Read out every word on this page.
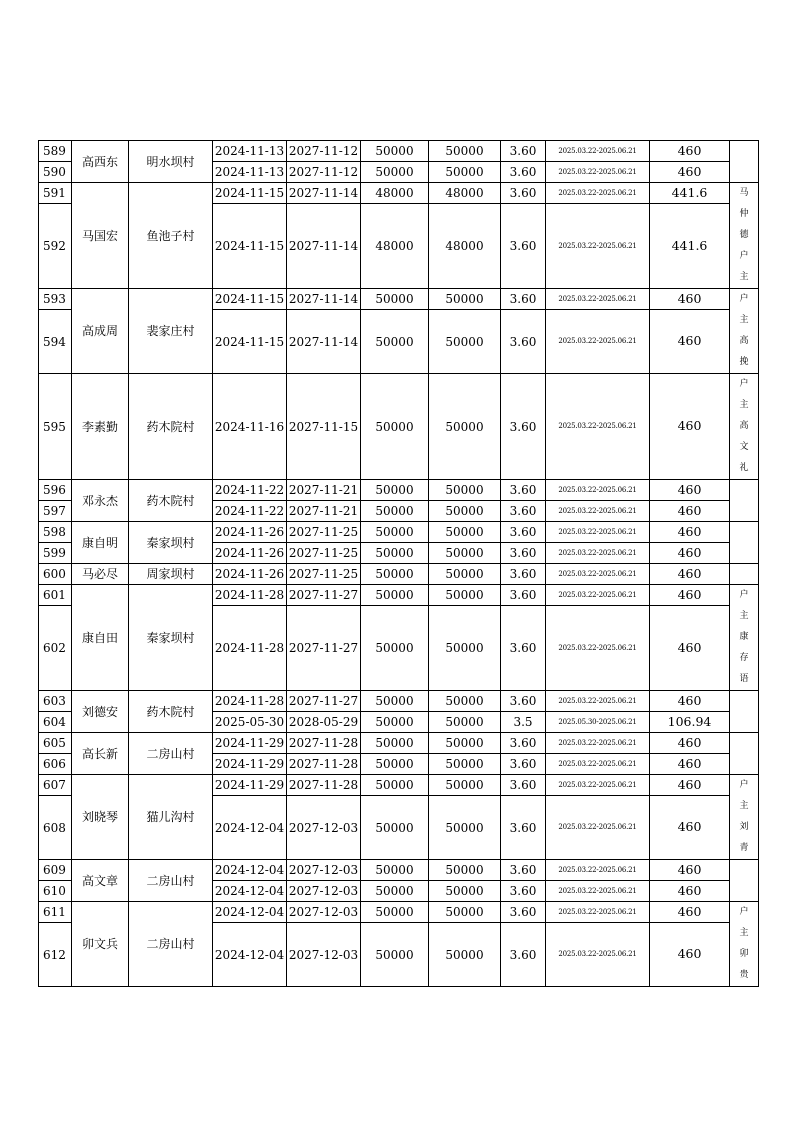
589	高西东	明水坝村	2024-11-13	2027-11-12	50000	50000	3.60	2025.03.22-2025.06.21	460	
590			2024-11-13	2027-11-12	50000	50000	3.60	2025.03.22-2025.06.21	460	
591	马国宏	鱼池子村	2024-11-15	2027-11-14	48000	48000	3.60	2025.03.22-2025.06.21	441.6	马
仲
德
户
主

592			2024-11-15	2027-11-14	48000	48000	3.60	2025.03.22-2025.06.21	441.6	
593	高成周	裴家庄村	2024-11-15	2027-11-14	50000	50000	3.60	2025.03.22-2025.06.21	460	户
主
高
挽

594			2024-11-15	2027-11-14	50000	50000	3.60	2025.03.22-2025.06.21	460	
595	李素勤	药木院村	2024-11-16	2027-11-15	50000	50000	3.60	2025.03.22-2025.06.21	460	户
主
高
文
礼

596	邓永杰	药木院村	2024-11-22	2027-11-21	50000	50000	3.60	2025.03.22-2025.06.21	460	
597			2024-11-22	2027-11-21	50000	50000	3.60	2025.03.22-2025.06.21	460	
598	康自明	秦家坝村	2024-11-26	2027-11-25	50000	50000	3.60	2025.03.22-2025.06.21	460	
599			2024-11-26	2027-11-25	50000	50000	3.60	2025.03.22-2025.06.21	460	
600	马必尽	周家坝村	2024-11-26	2027-11-25	50000	50000	3.60	2025.03.22-2025.06.21	460	
601	康自田	秦家坝村	2024-11-28	2027-11-27	50000	50000	3.60	2025.03.22-2025.06.21	460	户
主
康
存
语

602			2024-11-28	2027-11-27	50000	50000	3.60	2025.03.22-2025.06.21	460	
603	刘德安	药木院村	2024-11-28	2027-11-27	50000	50000	3.60	2025.03.22-2025.06.21	460	
604			2025-05-30	2028-05-29	50000	50000	3.5	2025.05.30-2025.06.21	106.94	
605	高长新	二房山村	2024-11-29	2027-11-28	50000	50000	3.60	2025.03.22-2025.06.21	460	
606			2024-11-29	2027-11-28	50000	50000	3.60	2025.03.22-2025.06.21	460	
607	刘晓琴	猫儿沟村	2024-11-29	2027-11-28	50000	50000	3.60	2025.03.22-2025.06.21	460	户
主
刘
青

608			2024-12-04	2027-12-03	50000	50000	3.60	2025.03.22-2025.06.21	460	
609	高文章	二房山村	2024-12-04	2027-12-03	50000	50000	3.60	2025.03.22-2025.06.21	460	
610			2024-12-04	2027-12-03	50000	50000	3.60	2025.03.22-2025.06.21	460	
611	卯文兵	二房山村	2024-12-04	2027-12-03	50000	50000	3.60	2025.03.22-2025.06.21	460	户
主
卯
贵

612			2024-12-04	2027-12-03	50000	50000	3.60	2025.03.22-2025.06.21	460	
